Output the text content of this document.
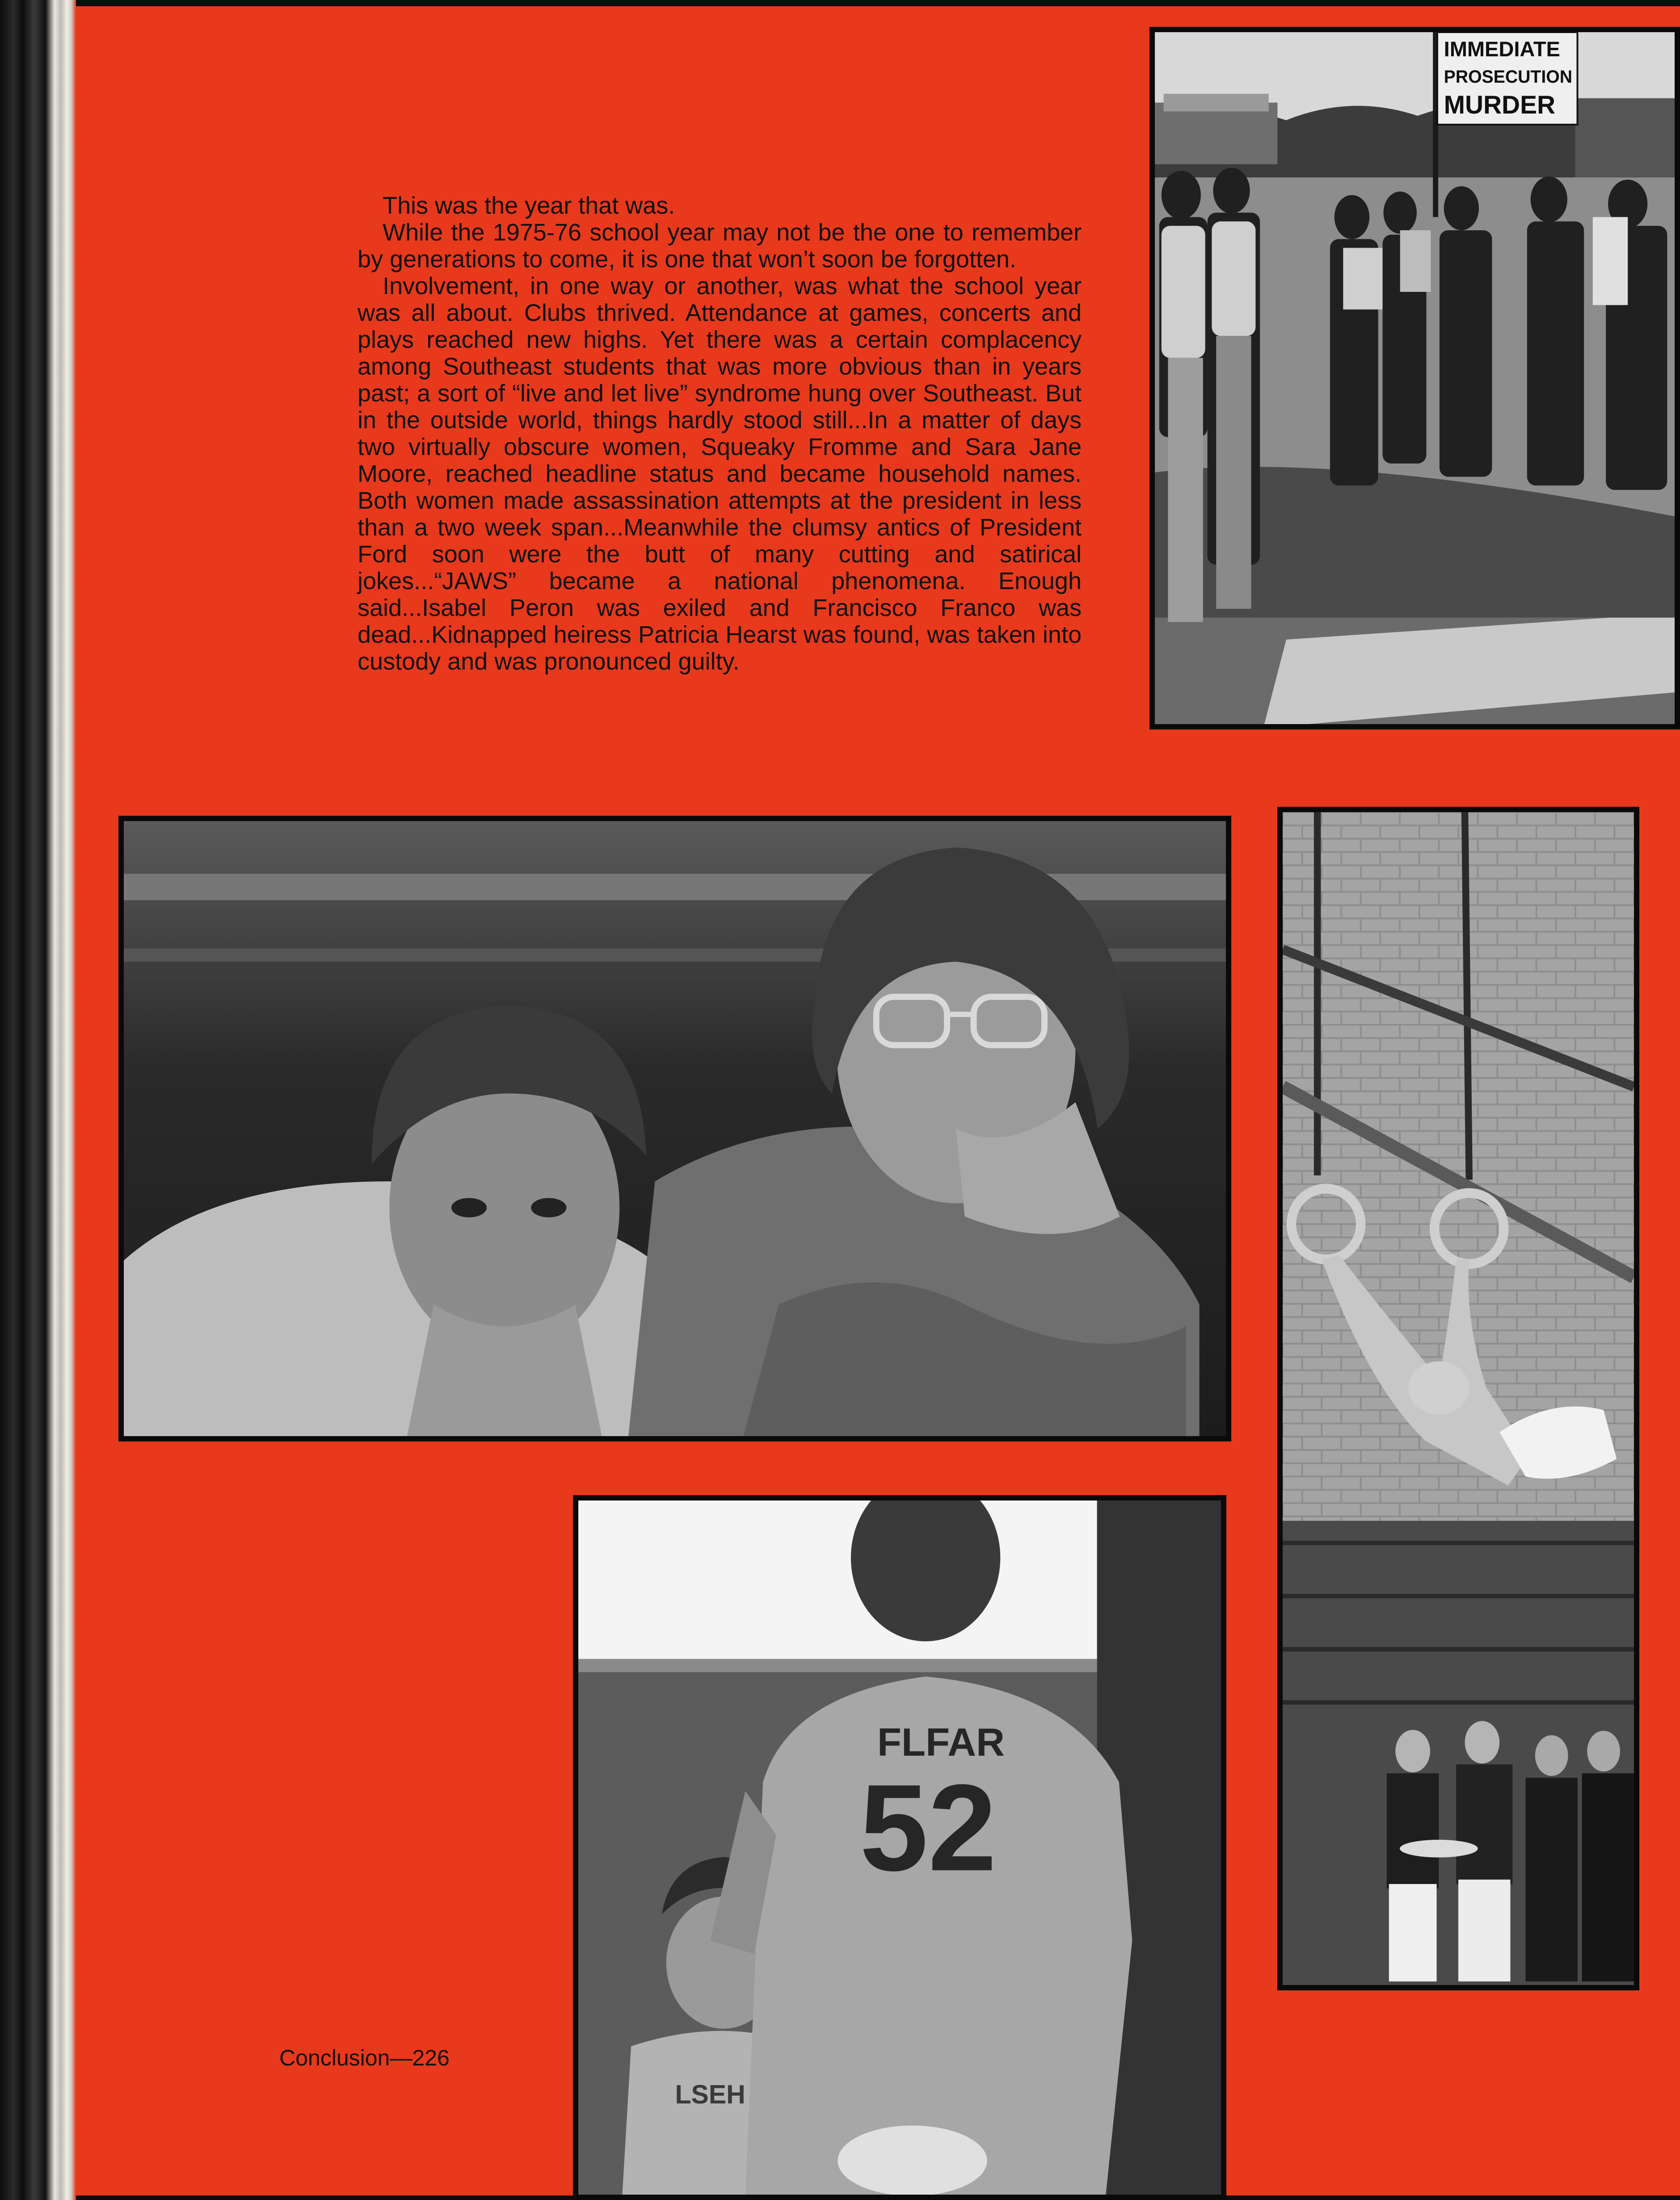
This was the year that was.

While the 1975-76 school year may not be the one to remember by generations to come, it is one that won’t soon be forgotten.

Involvement, in one way or another, was what the school year was all about. Clubs thrived. Attendance at games, concerts and plays reached new highs. Yet there was a certain complacency among Southeast students that was more obvious than in years past; a sort of “live and let live” syndrome hung over Southeast. But in the outside world, things hardly stood still...In a matter of days two virtually obscure women, Squeaky Fromme and Sara Jane Moore, reached headline status and became household names. Both women made assassination attempts at the president in less than a two week span...Meanwhile the clumsy antics of President Ford soon were the butt of many cutting and satirical jokes...“JAWS” became a national phenomena. Enough said...Isabel Peron was exiled and Francisco Franco was dead...Kidnapped heiress Patricia Hearst was found, was taken into custody and was pronounced guilty.

IMMEDIATE
PROSECUTION
MURDER
LSEH
FLFAR
52
Conclusion—226
